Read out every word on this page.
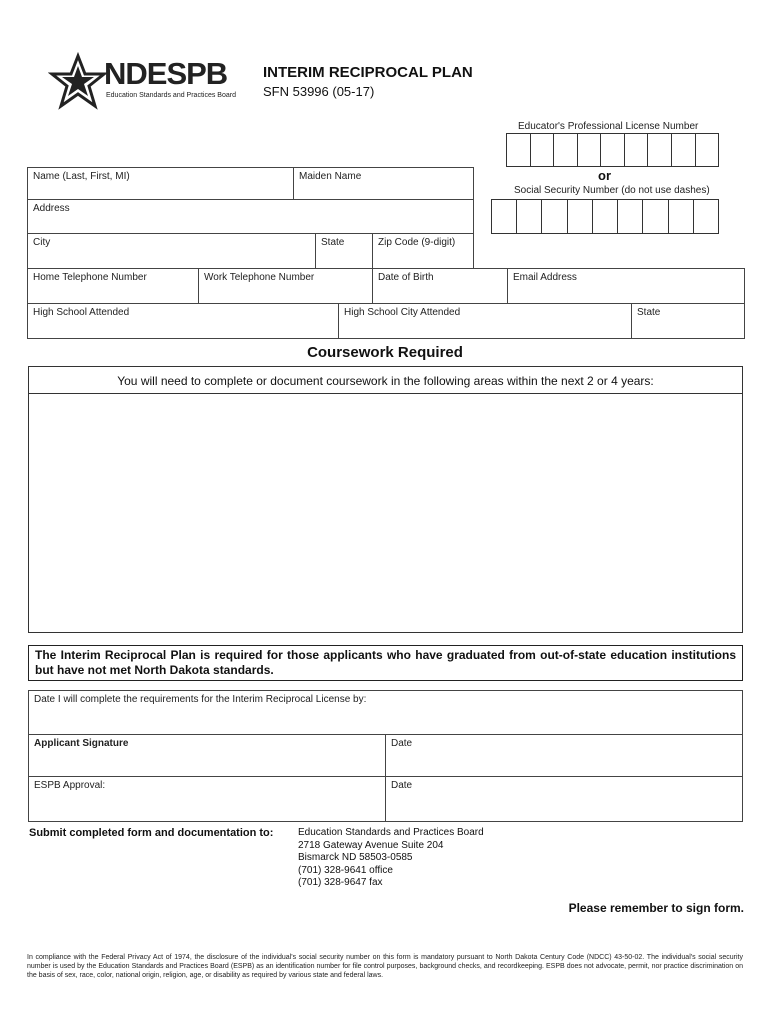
NDESPB
Education Standards and Practices Board
INTERIM RECIPROCAL PLAN
SFN 53996 (05-17)
Educator's Professional License Number
or
Social Security Number (do not use dashes)
Name (Last, First, MI)	Maiden Name
Address
City	State	Zip Code (9-digit)
Home Telephone Number	Work Telephone Number	Date of Birth	Email Address
High School Attended	High School City Attended	State
Coursework Required
You will need to complete or document coursework in the following areas within the next 2 or 4 years:
The Interim Reciprocal Plan is required for those applicants who have graduated from out-of-state education institutions but have not met North Dakota standards.
Date I will complete the requirements for the Interim Reciprocal License by:
Applicant Signature	Date
ESPB Approval:	Date
Submit completed form and documentation to: Education Standards and Practices Board
2718 Gateway Avenue Suite 204
Bismarck ND 58503-0585
(701) 328-9641 office
(701) 328-9647 fax
Please remember to sign form.
In compliance with the Federal Privacy Act of 1974, the disclosure of the individual's social security number on this form is mandatory pursuant to North Dakota Century Code (NDCC) 43-50-02. The individual's social security number is used by the Education Standards and Practices Board (ESPB) as an identification number for file control purposes, background checks, and recordkeeping. ESPB does not advocate, permit, nor practice discrimination on the basis of sex, race, color, national origin, religion, age, or disability as required by various state and federal laws.
